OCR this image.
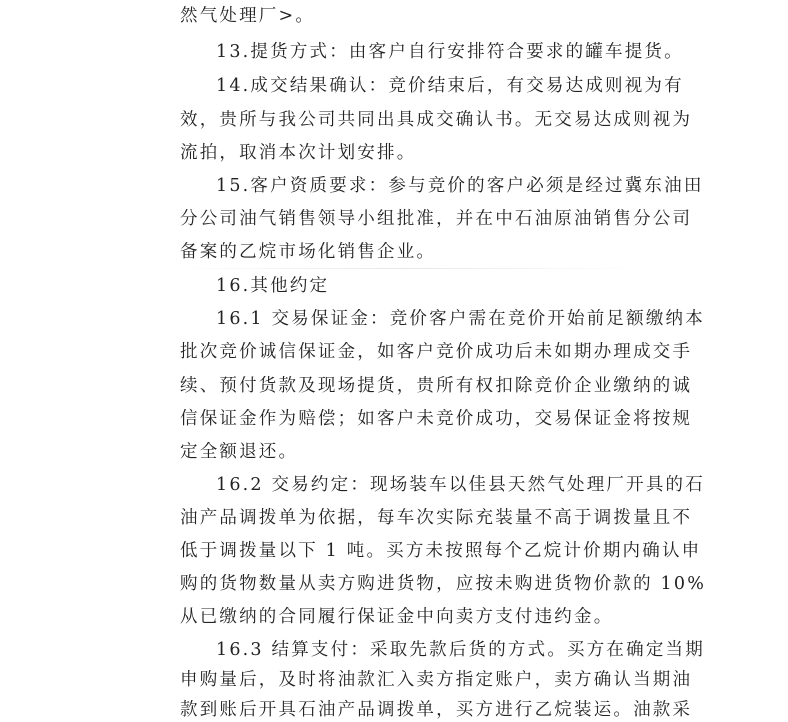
然气处理厂>。
13.提货方式：由客户自行安排符合要求的罐车提货。
14.成交结果确认：竞价结束后，有交易达成则视为有
效，贵所与我公司共同出具成交确认书。无交易达成则视为
流拍，取消本次计划安排。
15.客户资质要求：参与竞价的客户必须是经过冀东油田
分公司油气销售领导小组批准，并在中石油原油销售分公司
备案的乙烷市场化销售企业。
16.其他约定
16.1 交易保证金：竞价客户需在竞价开始前足额缴纳本
批次竞价诚信保证金，如客户竞价成功后未如期办理成交手
续、预付货款及现场提货，贵所有权扣除竞价企业缴纳的诚
信保证金作为赔偿；如客户未竞价成功，交易保证金将按规
定全额退还。
16.2 交易约定：现场装车以佳县天然气处理厂开具的石
油产品调拨单为依据，每车次实际充装量不高于调拨量且不
低于调拨量以下 1 吨。买方未按照每个乙烷计价期内确认申
购的货物数量从卖方购进货物，应按未购进货物价款的 10%
从已缴纳的合同履行保证金中向卖方支付违约金。
16.3 结算支付：采取先款后货的方式。买方在确定当期
申购量后，及时将油款汇入卖方指定账户，卖方确认当期油
款到账后开具石油产品调拨单，买方进行乙烷装运。油款采
